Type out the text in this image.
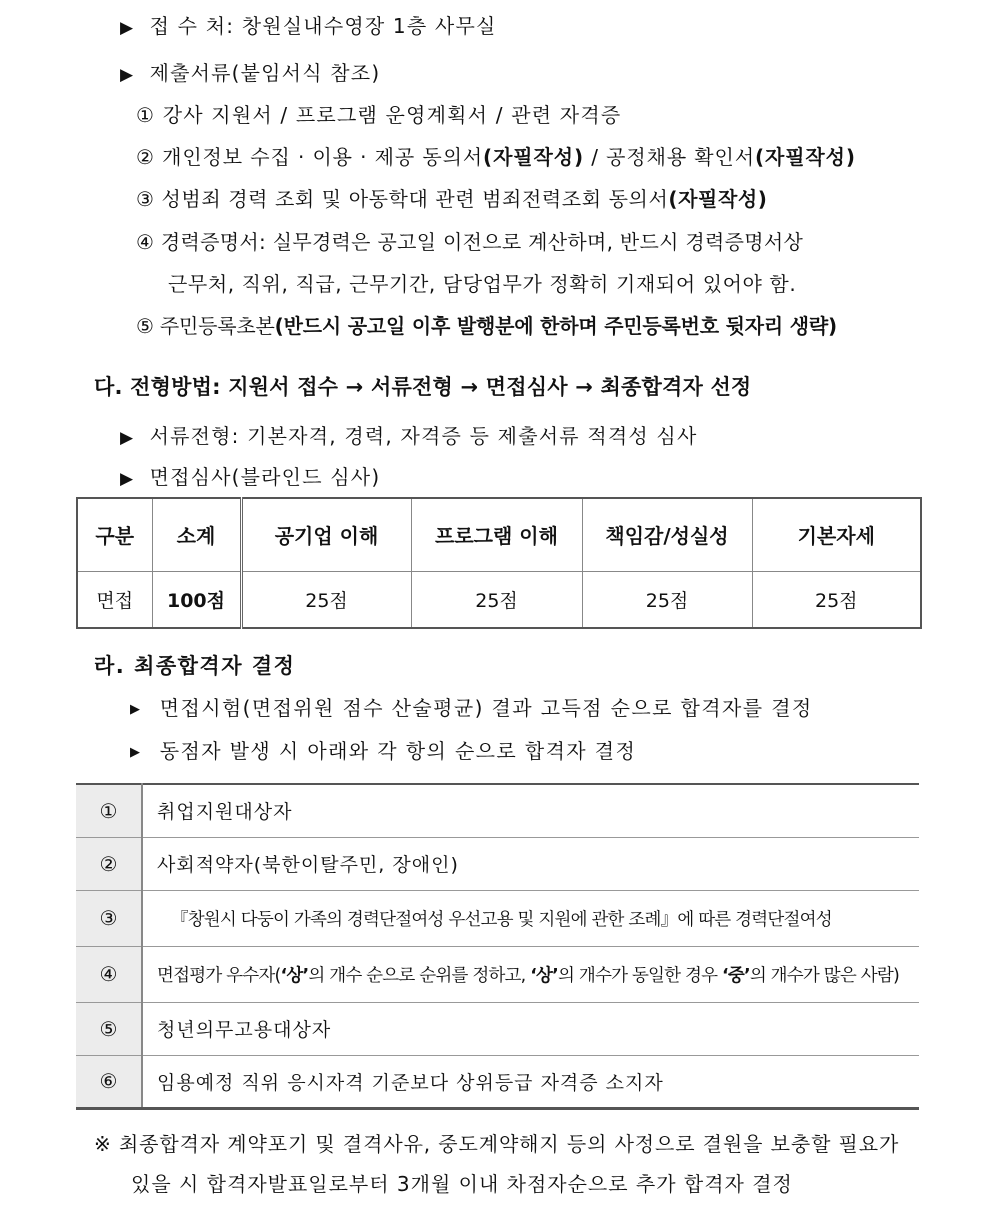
▶ 접 수 처: 창원실내수영장 1층 사무실
▶ 제출서류(붙임서식 참조)
① 강사 지원서 / 프로그램 운영계획서 / 관련 자격증
② 개인정보 수집 · 이용 · 제공 동의서(자필작성) / 공정채용 확인서(자필작성)
③ 성범죄 경력 조회 및 아동학대 관련 범죄전력조회 동의서(자필작성)
④ 경력증명서: 실무경력은 공고일 이전으로 계산하며, 반드시 경력증명서상
근무처, 직위, 직급, 근무기간, 담당업무가 정확히 기재되어 있어야 함.
⑤ 주민등록초본(반드시 공고일 이후 발행분에 한하며 주민등록번호 뒷자리 생략)
다. 전형방법: 지원서 접수 → 서류전형 → 면접심사 → 최종합격자 선정
▶ 서류전형: 기본자격, 경력, 자격증 등 제출서류 적격성 심사
▶ 면접심사(블라인드 심사)
구분	소계	공기업 이해	프로그램 이해	책임감/성실성	기본자세
면접	100점	25점	25점	25점	25점
라. 최종합격자 결정
▶ 면접시험(면접위원 점수 산술평균) 결과 고득점 순으로 합격자를 결정
▶ 동점자 발생 시 아래와 각 항의 순으로 합격자 결정
①	취업지원대상자
②	사회적약자(북한이탈주민, 장애인)
③	『창원시 다둥이 가족의 경력단절여성 우선고용 및 지원에 관한 조례』에 따른 경력단절여성
④	면접평가 우수자(‘상’의 개수 순으로 순위를 정하고, ‘상’의 개수가 동일한 경우 ‘중’의 개수가 많은 사람)
⑤	청년의무고용대상자
⑥	임용예정 직위 응시자격 기준보다 상위등급 자격증 소지자
※ 최종합격자 계약포기 및 결격사유, 중도계약해지 등의 사정으로 결원을 보충할 필요가
있을 시 합격자발표일로부터 3개월 이내 차점자순으로 추가 합격자 결정
